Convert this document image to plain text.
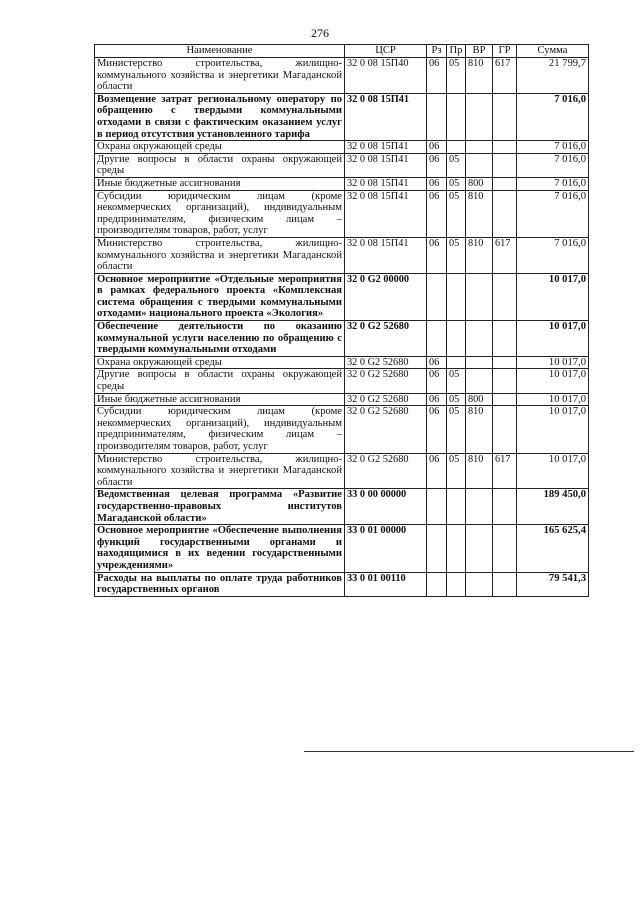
276
Наименование	ЦСР	Рз	Пр	ВР	ГР	Сумма
Министерство строительства, жилищно-коммунального хозяйства и энергетики Магаданской области	32 0 08 15П40	06	05	810	617	21 799,7
Возмещение затрат региональному оператору по обращению с твердыми коммунальными отходами в связи с фактическим оказанием услуг в период отсутствия установленного тарифа	32 0 08 15П41					7 016,0
Охрана окружающей среды	32 0 08 15П41	06				7 016,0
Другие вопросы в области охраны окружающей среды	32 0 08 15П41	06	05			7 016,0
Иные бюджетные ассигнования	32 0 08 15П41	06	05	800		7 016,0
Субсидии юридическим лицам (кроме некоммерческих организаций), индивидуальным предпринимателям, физическим лицам – производителям товаров, работ, услуг	32 0 08 15П41	06	05	810		7 016,0
Министерство строительства, жилищно-коммунального хозяйства и энергетики Магаданской области	32 0 08 15П41	06	05	810	617	7 016,0
Основное мероприятие «Отдельные мероприятия в рамках федерального проекта «Комплексная система обращения с твердыми коммунальными отходами» национального проекта «Экология»	32 0 G2 00000					10 017,0
Обеспечение деятельности по оказанию коммунальной услуги населению по обращению с твердыми коммунальными отходами	32 0 G2 52680					10 017,0
Охрана окружающей среды	32 0 G2 52680	06				10 017,0
Другие вопросы в области охраны окружающей среды	32 0 G2 52680	06	05			10 017,0
Иные бюджетные ассигнования	32 0 G2 52680	06	05	800		10 017,0
Субсидии юридическим лицам (кроме некоммерческих организаций), индивидуальным предпринимателям, физическим лицам – производителям товаров, работ, услуг	32 0 G2 52680	06	05	810		10 017,0
Министерство строительства, жилищно-коммунального хозяйства и энергетики Магаданской области	32 0 G2 52680	06	05	810	617	10 017,0
Ведомственная целевая программа «Развитие государственно-правовых институтов Магаданской области»	33 0 00 00000					189 450,0
Основное мероприятие «Обеспечение выполнения функций государственными органами и находящимися в их ведении государственными учреждениями»	33 0 01 00000					165 625,4
Расходы на выплаты по оплате труда работников государственных органов	33 0 01 00110					79 541,3
